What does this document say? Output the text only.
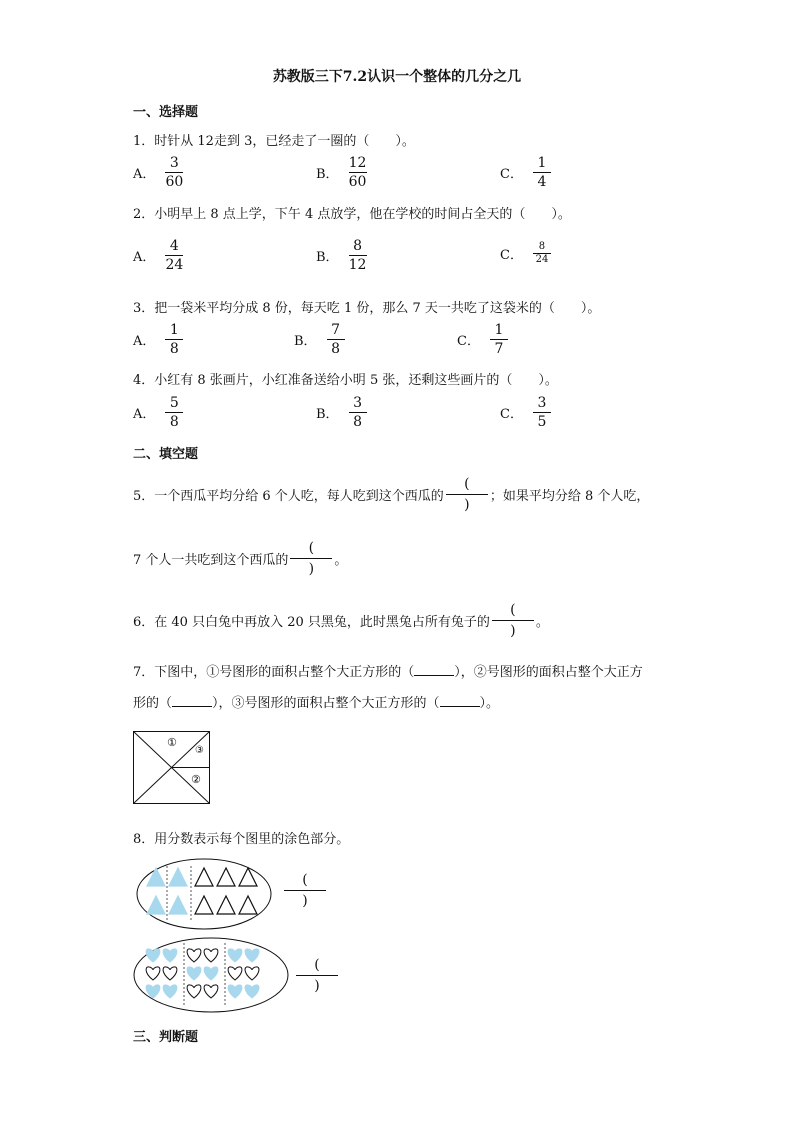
苏教版三下7.2认识一个整体的几分之几
一、选择题
1．时针从 12走到 3，已经走了一圈的（　　）。
A． $\frac{3}{60}$	B． $\frac{12}{60}$	C． $\frac{1}{4}$
2．小明早上 8 点上学，下午 4 点放学，他在学校的时间占全天的（　　）。
A． $\frac{4}{24}$	B． $\frac{8}{12}$	C． $\frac{8}{24}$
3．把一袋米平均分成 8 份，每天吃 1 份，那么 7 天一共吃了这袋米的（　　）。
A． $\frac{1}{8}$	B． $\frac{7}{8}$	C． $\frac{1}{7}$
4．小红有 8 张画片，小红准备送给小明 5 张，还剩这些画片的（　　）。
A． $\frac{5}{8}$	B． $\frac{3}{8}$	C． $\frac{3}{5}$
二、填空题
5．一个西瓜平均分给 6 个人吃，每人吃到这个西瓜的
(
)
；如果平均分给 8 个人吃，
7 个人一共吃到这个西瓜的
(
)
。
6．在 40 只白兔中再放入 20 只黑兔，此时黑兔占所有兔子的
(
)
。
7．下图中，①号图形的面积占整个大正方形的（	），②号图形的面积占整个大正方
形的（	），③号图形的面积占整个大正方形的（	）。
①
③
②
8．用分数表示每个图里的涂色部分。
(
)
(
)
三、判断题
